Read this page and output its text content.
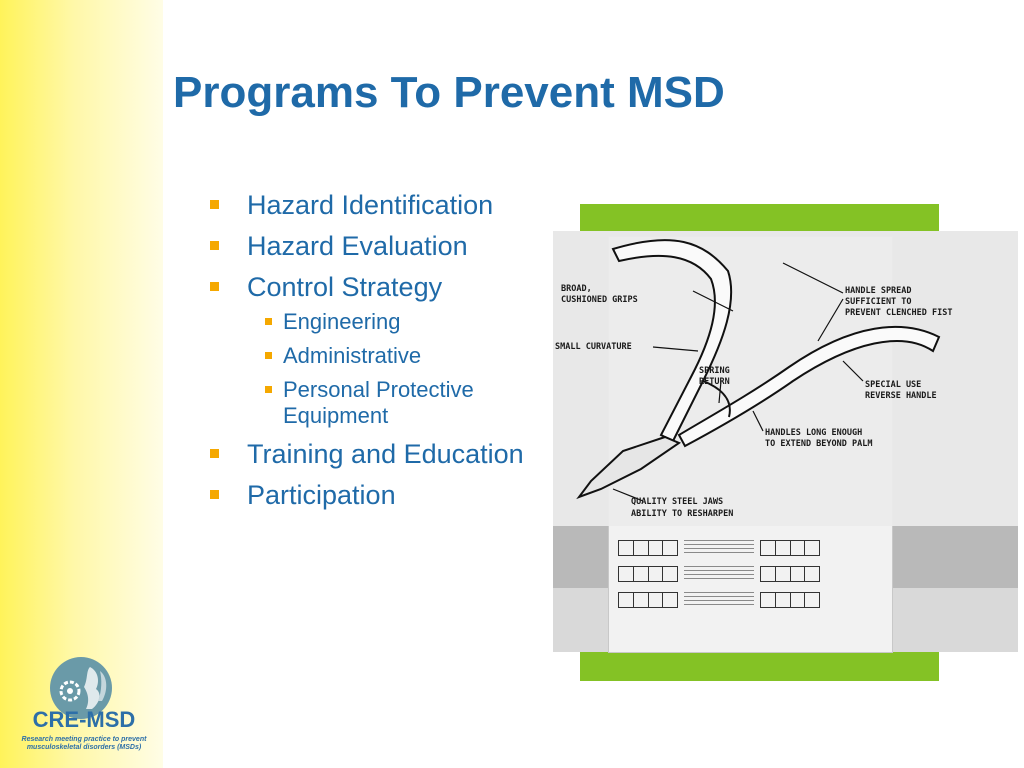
Programs To Prevent MSD
Hazard Identification
Hazard Evaluation
Control Strategy
Engineering
Administrative
Personal Protective Equipment
Training and Education
Participation
BROAD,
CUSHIONED GRIPS
HANDLE SPREAD
SUFFICIENT TO
PREVENT CLENCHED FIST
SMALL CURVATURE
SPRING
RETURN	SPECIAL USE
REVERSE HANDLE
HANDLES LONG ENOUGH
TO EXTEND BEYOND PALM
QUALITY STEEL JAWS
ABILITY TO RESHARPEN
CRE-MSD
Research meeting practice to prevent musculoskeletal disorders (MSDs)
